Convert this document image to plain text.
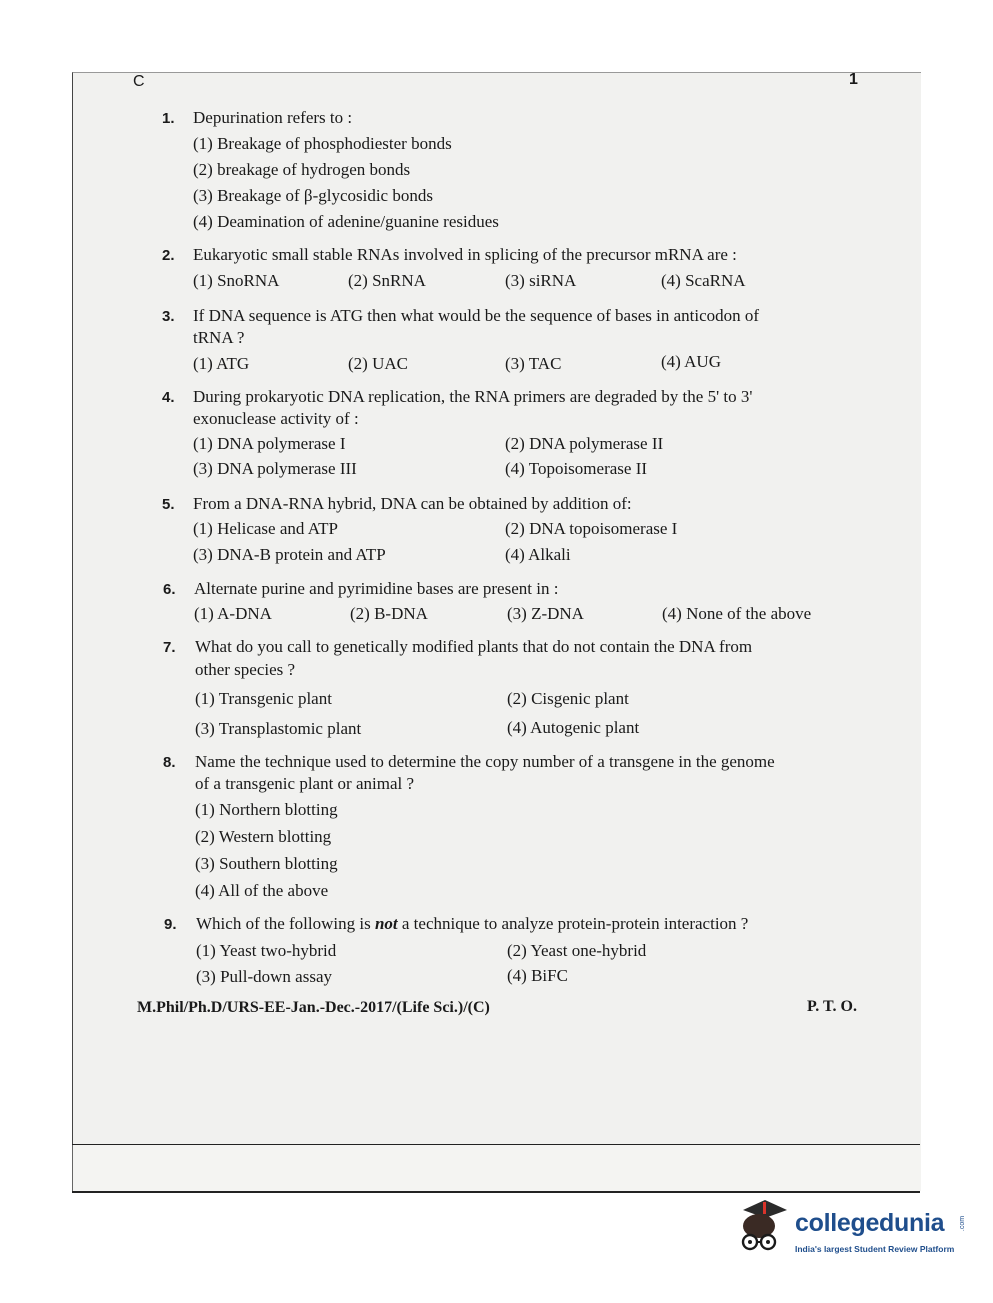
C	1
1. Depurination refers to :
(1) Breakage of phosphodiester bonds
(2) breakage of hydrogen bonds
(3) Breakage of β-glycosidic bonds
(4) Deamination of adenine/guanine residues
2. Eukaryotic small stable RNAs involved in splicing of the precursor mRNA are :
(1) SnoRNA	(2) SnRNA	(3) siRNA	(4) ScaRNA
3. If DNA sequence is ATG then what would be the sequence of bases in anticodon of
tRNA ?
(1) ATG	(2) UAC	(3) TAC	(4) AUG
4. During prokaryotic DNA replication, the RNA primers are degraded by the 5' to 3'
exonuclease activity of :
(1) DNA polymerase I	(2) DNA polymerase II
(3) DNA polymerase III	(4) Topoisomerase II
5. From a DNA-RNA hybrid, DNA can be obtained by addition of:
(1) Helicase and ATP	(2) DNA topoisomerase I
(3) DNA-B protein and ATP	(4) Alkali
6. Alternate purine and pyrimidine bases are present in :
(1) A-DNA	(2) B-DNA	(3) Z-DNA	(4) None of the above
7. What do you call to genetically modified plants that do not contain the DNA from
other species ?
(1) Transgenic plant	(2) Cisgenic plant
(3) Transplastomic plant	(4) Autogenic plant
8. Name the technique used to determine the copy number of a transgene in the genome
of a transgenic plant or animal ?
(1) Northern blotting
(2) Western blotting
(3) Southern blotting
(4) All of the above
9. Which of the following is not a technique to analyze protein-protein interaction ?
(1) Yeast two-hybrid	(2) Yeast one-hybrid
(3) Pull-down assay	(4) BiFC
M.Phil/Ph.D/URS-EE-Jan.-Dec.-2017/(Life Sci.)/(C)	P. T. O.
collegedunia .com
India's largest Student Review Platform
